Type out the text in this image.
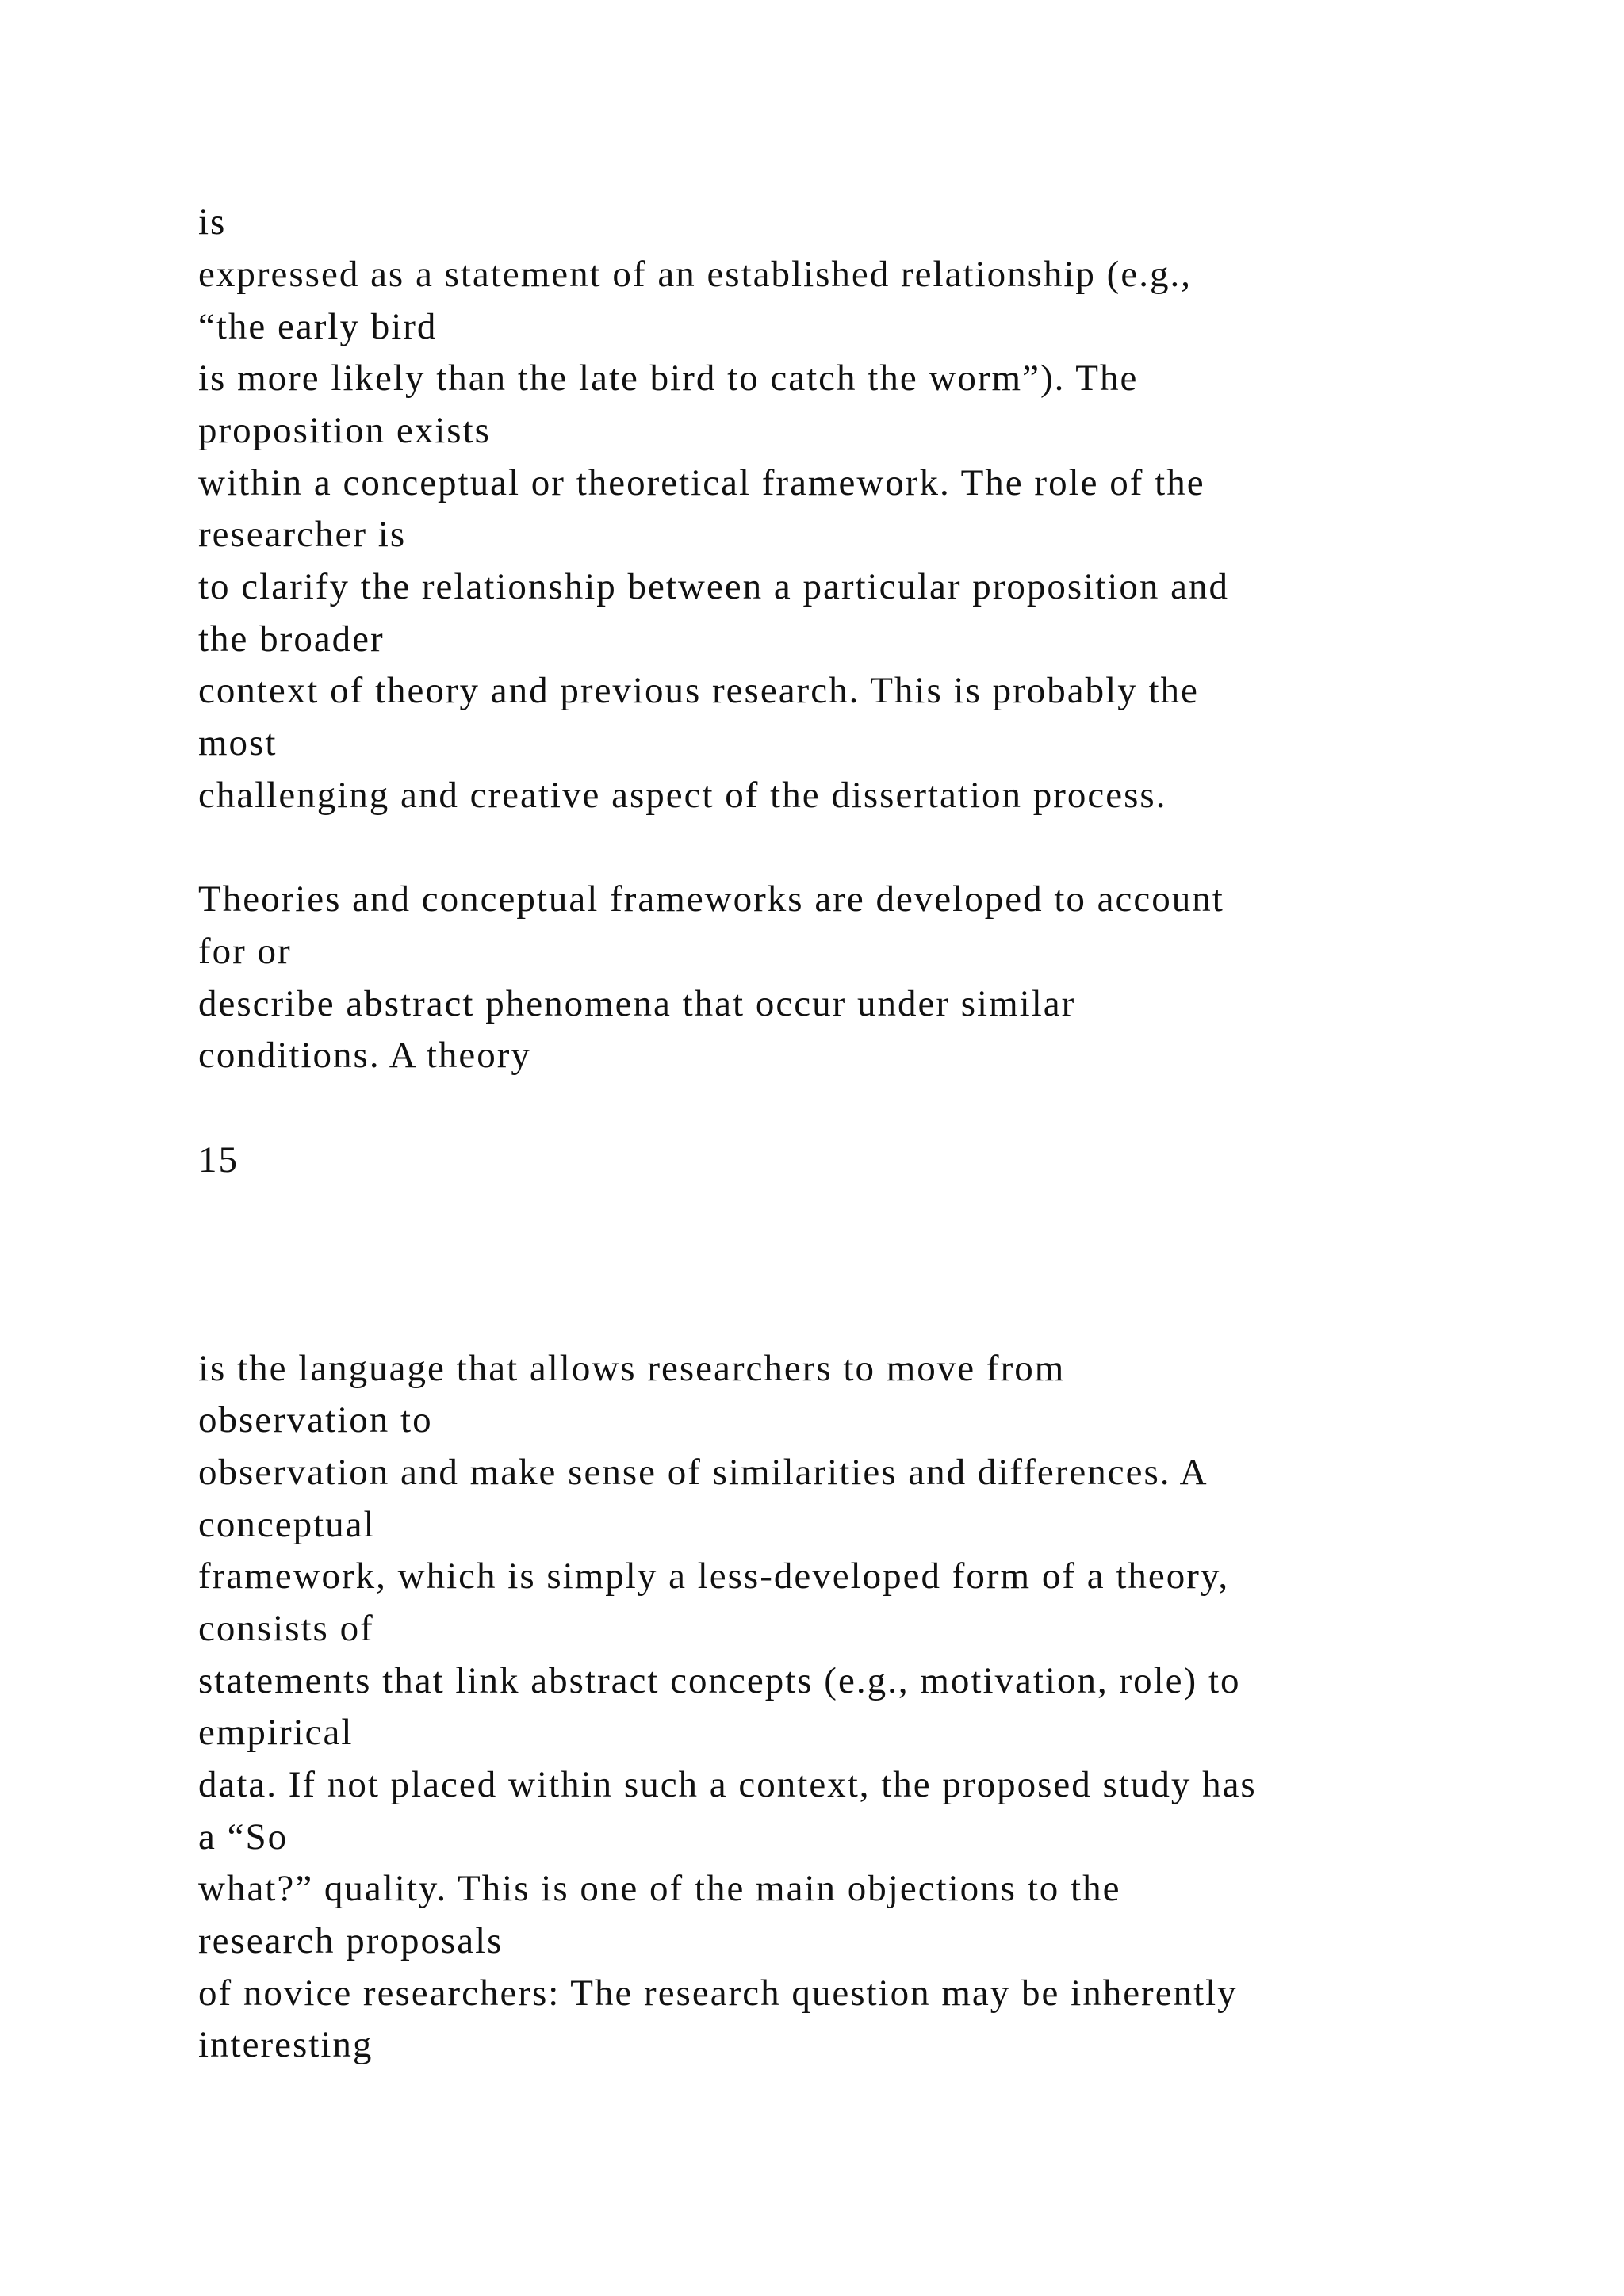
is

expressed as a statement of an established relationship (e.g.,

“the early bird

is more likely than the late bird to catch the worm”). The

proposition exists

within a conceptual or theoretical framework. The role of the

researcher is

to clarify the relationship between a particular proposition and

the broader

context of theory and previous research. This is probably the

most

challenging and creative aspect of the dissertation process.

Theories and conceptual frameworks are developed to account

for or

describe abstract phenomena that occur under similar

conditions. A theory

15

is the language that allows researchers to move from

observation to

observation and make sense of similarities and differences. A

conceptual

framework, which is simply a less-developed form of a theory,

consists of

statements that link abstract concepts (e.g., motivation, role) to

empirical

data. If not placed within such a context, the proposed study has

a “So

what?” quality. This is one of the main objections to the

research proposals

of novice researchers: The research question may be inherently

interesting
